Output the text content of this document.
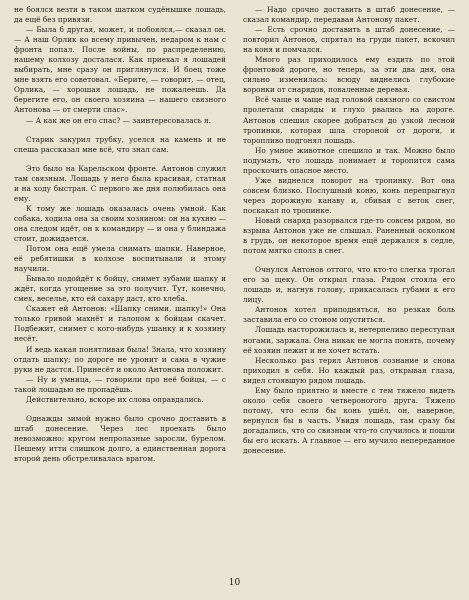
не боялся везти в таком шатком судёнышке лошадь, да ещё без привязи.

— Была б другая, может, и побоялся,— сказал он. — А наш Орлик ко всему привычен, недаром к нам с фронта попал. После войны, по распределению, нашему колхозу досталася. Как приехал я лошадей выбирать, мне сразу он приглянулся. И боец тоже мне взять его советовал. «Берите, — говорит, — отец, Орлика, — хорошая лошадь, не пожалеешь. Да берегите его, он своего хозяина — нашего связного Антонова — от смерти спас».

— А как же он его спас? — заинтересовалась я.

Старик закурил трубку, уселся на камень и не спеша рассказал мне всё, что знал сам.

Это было на Карельском фронте. Антонов служил там связным. Лошадь у него была красивая, статная и на ходу быстрая. С первого же дня полюбилась она ему.

К тому же лошадь оказалась очень умной. Как собака, ходила она за своим хозяином: он на кухню — она следом идёт, он к командиру — и она у блиндажа стоит, дожидается.

Потом она ещё умела снимать шапки. Наверное, её ребятишки в колхозе воспитывали и этому научили.

Бывало подойдёт к бойцу, снимет зубами шапку и ждёт, когда угощение за это получит. Тут, конечно, смех, веселье, кто ей сахару даст, кто хлеба.

Скажет ей Антонов: «Шапку сними, шапку!» Она только гривой махнёт и галопом к бойцам скачет. Подбежит, снимет с кого-нибудь ушанку и к хозяину несёт.

И ведь какая понятливая была! Знала, что хозяину отдать шапку; по дороге не уронит и сама в чужие руки не дастся. Принесёт и около Антонова положит.

— Ну и умница, — говорили про неё бойцы, — с такой лошадью не пропадёшь.

Действительно, вскоре их слова оправдались.

Однажды зимой нужно было срочно доставить в штаб донесение. Через лес проехать было невозможно: кругом непролазные заросли, бурелом. Пешему итти слишком долго, а единственная дорога второй день обстреливалась врагом.

— Надо срочно доставить в штаб донесение, — сказал командир, передавая Антонову пакет.

— Есть срочно доставить в штаб донесение, — повторил Антонов, спрятал на груди пакет, вскочил на коня и помчался.

Много раз приходилось ему ездить по этой фронтовой дороге, но теперь, за эти два дня, она сильно изменилась: всюду виднелись глубокие воронки от снарядов, поваленные деревья.

Всё чаще и чаще над головой связного со свистом пролетали снаряды и глухо рвались на дороге. Антонов спешил скорее добраться до узкой лесной тропинки, которая шла стороной от дороги, и торопливо подгонял лошадь.

Но умное животное спешило и так. Можно было подумать, что лошадь понимает и торопится сама проскочить опасное место.

Уже виднелся поворот на тропинку. Вот она совсем близко. Послушный коню, конь перепрыгнул через дорожную канаву и, сбивая с веток снег, поскакал по тропинке.

Новый снаряд разорвался где-то совсем рядом, но взрыва Антонов уже не слышал. Раненный осколком в грудь, он некоторое время ещё держался в седле, потом мягко сполз в снег.

Очнулся Антонов оттого, что кто-то слегка трогал его за щеку. Он открыл глаза. Рядом стояла его лошадь и, нагнув голову, прикасалась губами к его лицу.

Антонов хотел приподняться, но резкая боль заставила его со стоном опуститься.

Лошадь насторожилась и, нетерпеливо переступая ногами, заржала. Она никак не могла понять, почему её хозяин лежит и не хочет встать.

Несколько раз терял Антонов сознание и снова приходил в себя. Но каждый раз, открывая глаза, видел стоявшую рядом лошадь.

Ему было приятно и вместе с тем тяжело видеть около себя своего четвероногого друга. Тяжело потому, что если бы конь ушёл, он, наверное, вернулся бы в часть. Увидя лошадь, там сразу бы догадались, что со связным что-то случилось и пошли бы его искать. А главное — его мучило непереданное донесение.

10
